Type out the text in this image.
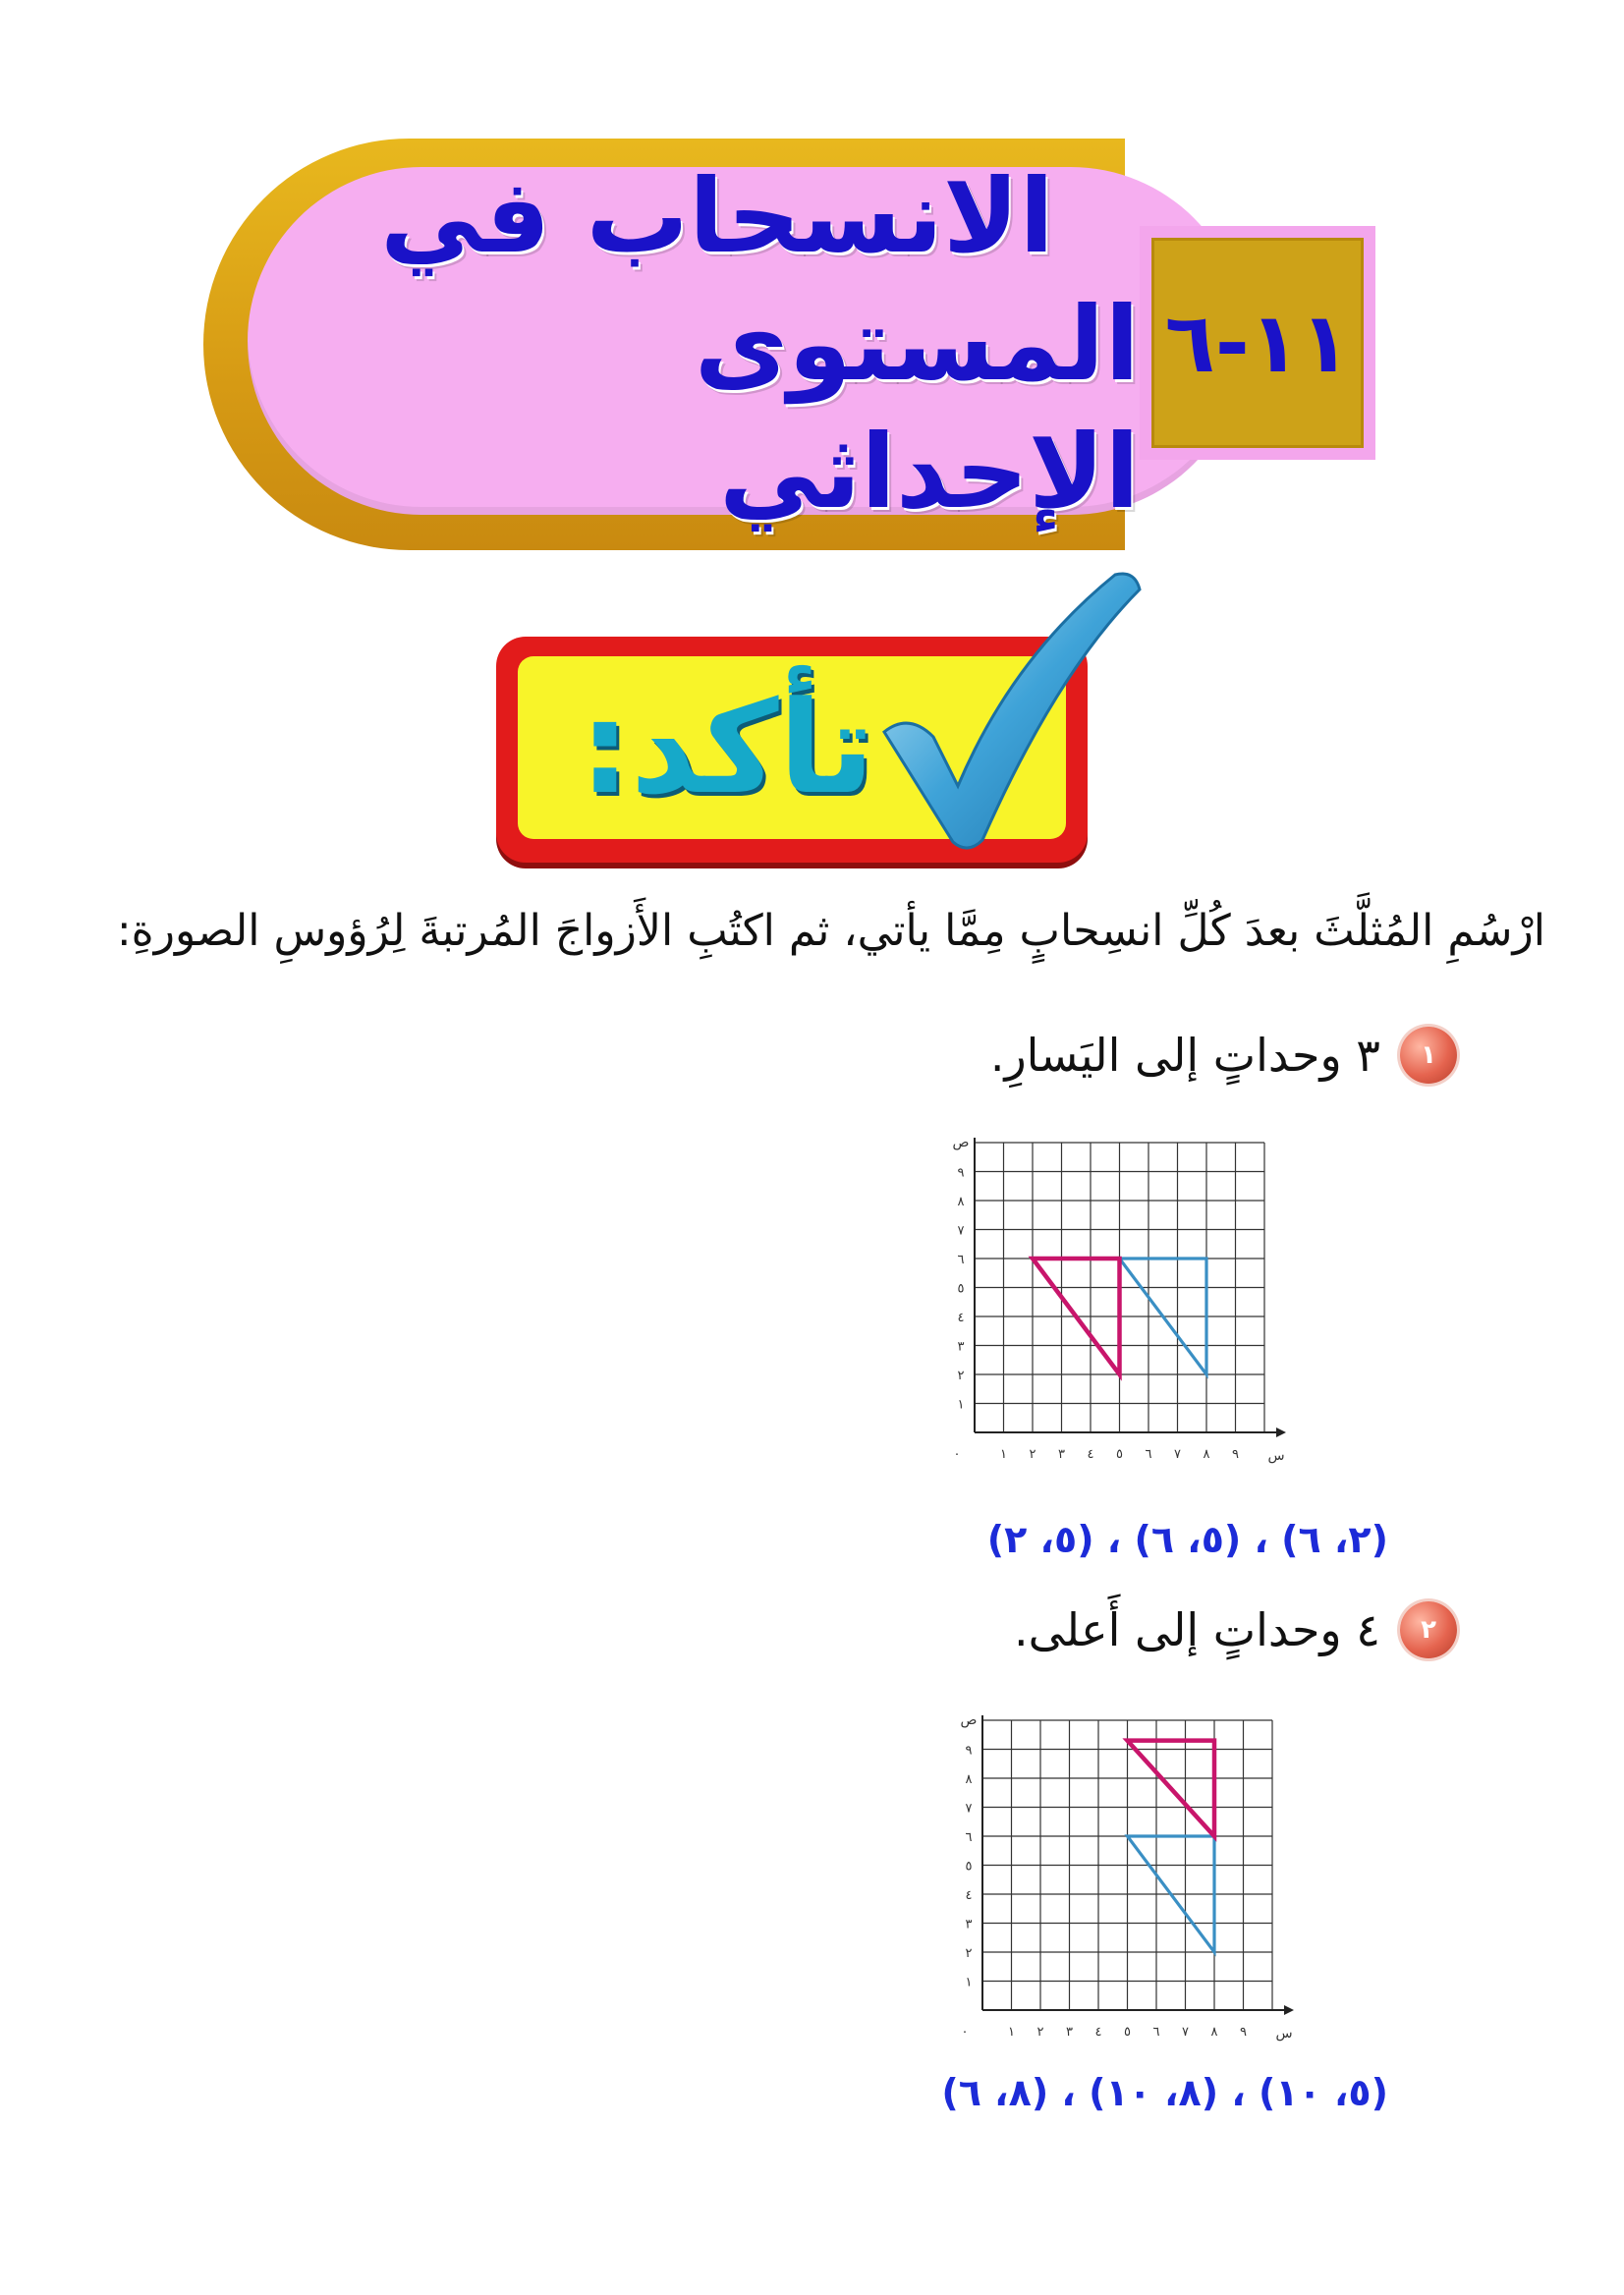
الانسحاب في
المستوى الإحداثي
١١-٦
تأكد:
ارْسُمِ المُثلَّثَ بعدَ كُلِّ انسِحابٍ مِمَّا يأتي، ثم اكتُبِ الأَزواجَ المُرتبةَ لِرُؤوسِ الصورةِ:
١
٣ وحداتٍ إلى اليَسارِ.
٠	١ ٢ ٣ ٤ ٥ ٦ ٧ ٨ ٩ س
١
٢
٣
٤
٥
٦
٧
٨
٩
ص
(٢، ٦) ، (٥، ٦) ، (٥، ٢)
٢
٤ وحداتٍ إلى أَعلى.
٠	١ ٢ ٣ ٤ ٥ ٦ ٧ ٨ ٩ س
١
٢
٣
٤
٥
٦
٧
٨
٩
ص
(٥، ١٠) ، (٨، ١٠) ، (٨، ٦)
